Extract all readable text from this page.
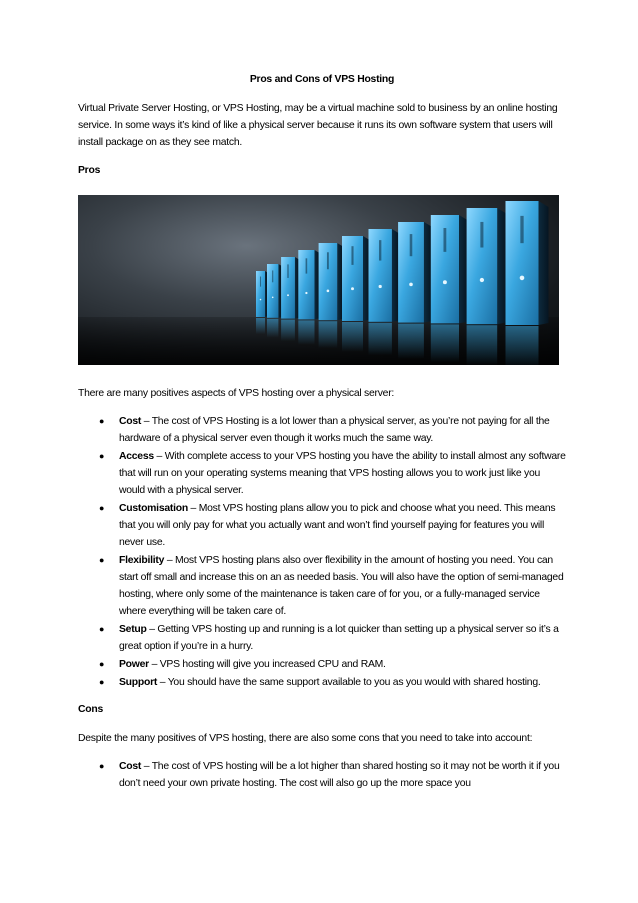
Pros and Cons of VPS Hosting

Virtual Private Server Hosting, or VPS Hosting, may be a virtual machine sold to business by an online hosting service. In some ways it’s kind of like a physical server because it runs its own software system that users will install package on as they see match.

Pros

There are many positives aspects of VPS hosting over a physical server:

● Cost – The cost of VPS Hosting is a lot lower than a physical server, as you’re not paying for all the hardware of a physical server even though it works much the same way.
● Access – With complete access to your VPS hosting you have the ability to install almost any software that will run on your operating systems meaning that VPS hosting allows you to work just like you would with a physical server.
● Customisation – Most VPS hosting plans allow you to pick and choose what you need. This means that you will only pay for what you actually want and won’t find yourself paying for features you will never use.
● Flexibility – Most VPS hosting plans also over flexibility in the amount of hosting you need. You can start off small and increase this on an as needed basis. You will also have the option of semi-managed hosting, where only some of the maintenance is taken care of for you, or a fully-managed service where everything will be taken care of.
● Setup – Getting VPS hosting up and running is a lot quicker than setting up a physical server so it’s a great option if you’re in a hurry.
● Power – VPS hosting will give you increased CPU and RAM.
● Support – You should have the same support available to you as you would with shared hosting.
Cons

Despite the many positives of VPS hosting, there are also some cons that you need to take into account:

● Cost – The cost of VPS hosting will be a lot higher than shared hosting so it may not be worth it if you don’t need your own private hosting. The cost will also go up the more space you
